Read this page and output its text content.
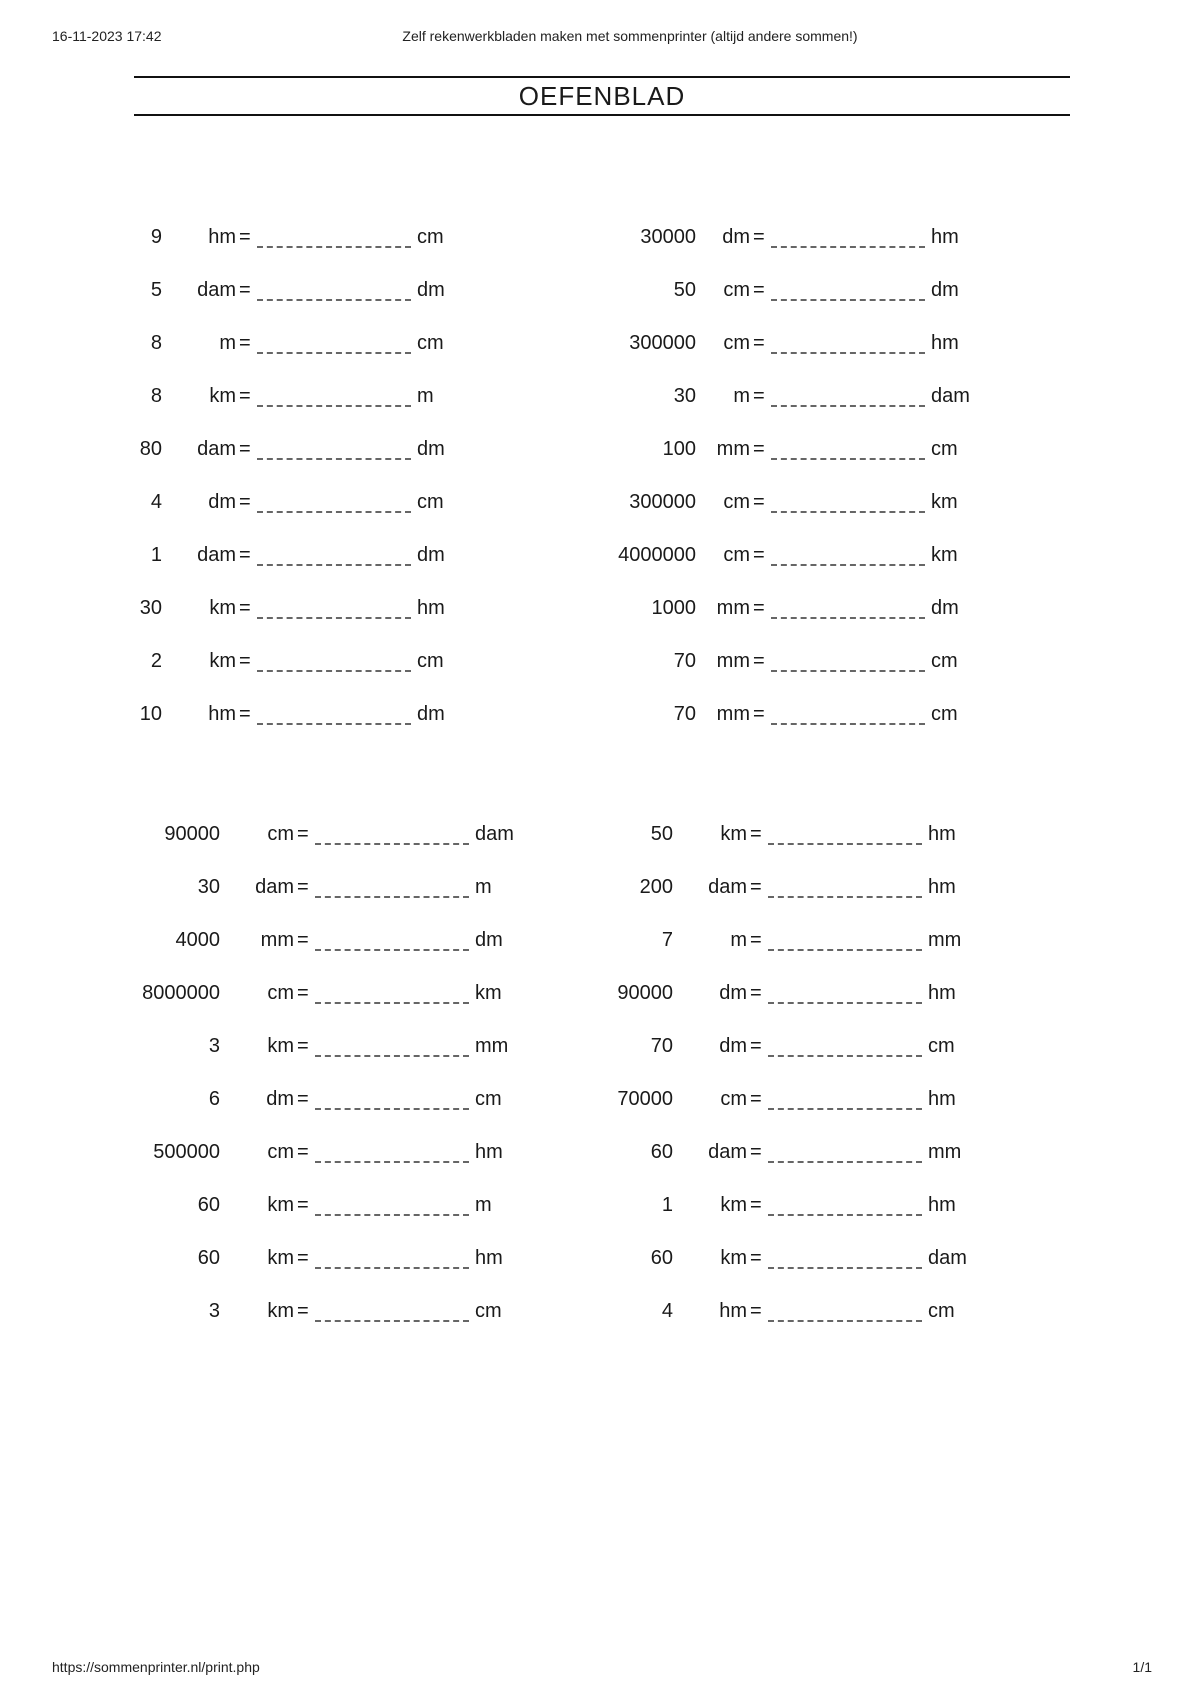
16-11-2023 17:42	Zelf rekenwerkbladen maken met sommenprinter (altijd andere sommen!)
OEFENBLAD
9 hm =	cm
5 dam =	dm
8	m =	cm
8 km =	m
80 dam =	dm
4 dm =	cm
1 dam =	dm
30 km =	hm
2 km =	cm
10 hm =	dm
30000 dm =	hm
50 cm =	dm
300000 cm =	hm
30 m =	dam
100 mm =	cm
300000 cm =	km
4000000 cm =	km
1000 mm =	dm
70 mm =	cm
70 mm =	cm
90000 cm =	dam
30 dam =	m
4000 mm =	dm
8000000 cm =	km
3 km =	mm
6 dm =	cm
500000 cm =	hm
60 km =	m
60 km =	hm
3 km =	cm
50 km =	hm
200 dam =	hm
7	m =	mm
90000 dm =	hm
70 dm =	cm
70000 cm =	hm
60 dam =	mm
1 km =	hm
60 km =	dam
4 hm =	cm
https://sommenprinter.nl/print.php	1/1
